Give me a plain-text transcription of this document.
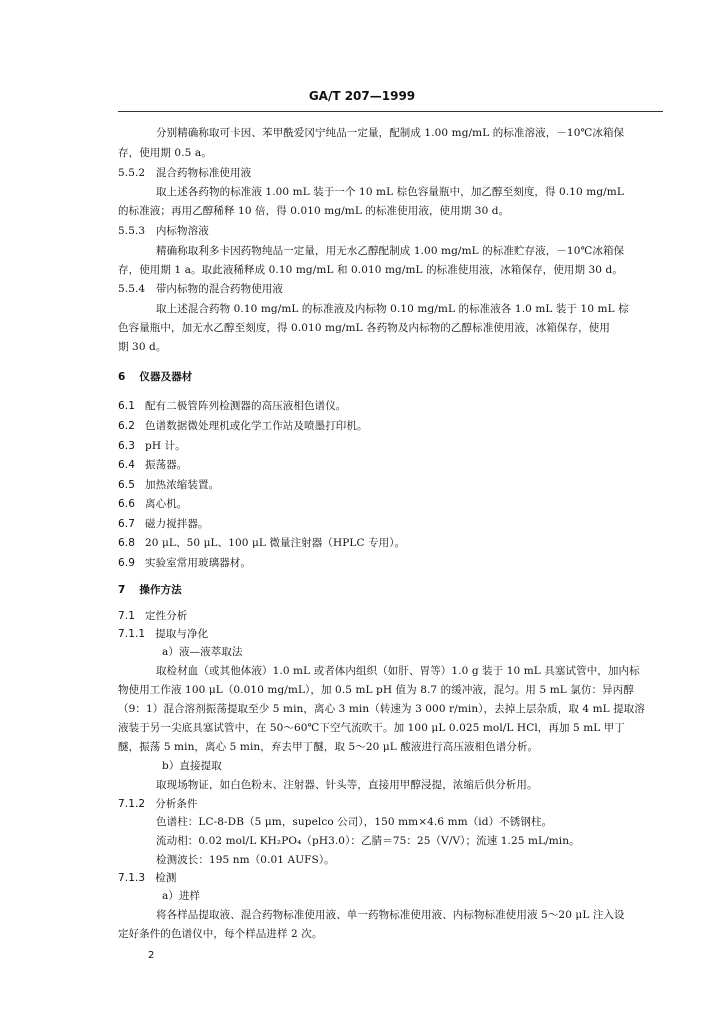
GA/T 207—1999
分别精确称取可卡因、苯甲酰爱冈宁纯品一定量，配制成 1.00 mg/mL 的标准溶液，－10℃冰箱保
存，使用期 0.5 a。
5.5.2　混合药物标准使用液
取上述各药物的标准液 1.00 mL 装于一个 10 mL 棕色容量瓶中，加乙醇至刻度，得 0.10 mg/mL
的标准液；再用乙醇稀释 10 倍，得 0.010 mg/mL 的标准使用液，使用期 30 d。
5.5.3　内标物溶液
精确称取利多卡因药物纯品一定量，用无水乙醇配制成 1.00 mg/mL 的标准贮存液，－10℃冰箱保
存，使用期 1 a。取此液稀释成 0.10 mg/mL 和 0.010 mg/mL 的标准使用液，冰箱保存，使用期 30 d。
5.5.4　带内标物的混合药物使用液
取上述混合药物 0.10 mg/mL 的标准液及内标物 0.10 mg/mL 的标准液各 1.0 mL 装于 10 mL 棕
色容量瓶中，加无水乙醇至刻度，得 0.010 mg/mL 各药物及内标物的乙醇标准使用液，冰箱保存，使用
期 30 d。
6 仪器及器材
6.1 配有二极管阵列检测器的高压液相色谱仪。
6.2 色谱数据微处理机或化学工作站及喷墨打印机。
6.3 pH 计。
6.4 振荡器。
6.5 加热浓缩装置。
6.6 离心机。
6.7 磁力搅拌器。
6.8 20 μL、50 μL、100 μL 微量注射器（HPLC 专用）。
6.9 实验室常用玻璃器材。
7 操作方法
7.1 定性分析
7.1.1 提取与净化
a）液—液萃取法
取检材血（或其他体液）1.0 mL 或者体内组织（如肝、胃等）1.0 g 装于 10 mL 具塞试管中，加内标
物使用工作液 100 μL（0.010 mg/mL），加 0.5 mL pH 值为 8.7 的缓冲液，混匀。用 5 mL 氯仿：异丙醇
（9：1）混合溶剂振荡提取至少 5 min，离心 3 min（转速为 3 000 r/min），去掉上层杂质，取 4 mL 提取溶
液装于另一尖底具塞试管中，在 50～60℃下空气流吹干。加 100 μL 0.025 mol/L HCl，再加 5 mL 甲丁
醚，振荡 5 min，离心 5 min，弃去甲丁醚，取 5～20 μL 酸液进行高压液相色谱分析。
b）直接提取
取现场物证，如白色粉末、注射器、针头等，直接用甲醇浸提，浓缩后供分析用。
7.1.2 分析条件
色谱柱：LC-8-DB（5 μm，supelco 公司），150 mm×4.6 mm（id）不锈钢柱。
流动相：0.02 mol/L KH₂PO₄（pH3.0）：乙腈＝75：25（V/V）；流速 1.25 mL/min。
检测波长：195 nm（0.01 AUFS）。
7.1.3 检测
a）进样
将各样品提取液、混合药物标准使用液、单一药物标准使用液、内标物标准使用液 5～20 μL 注入设
定好条件的色谱仪中，每个样品进样 2 次。
2
